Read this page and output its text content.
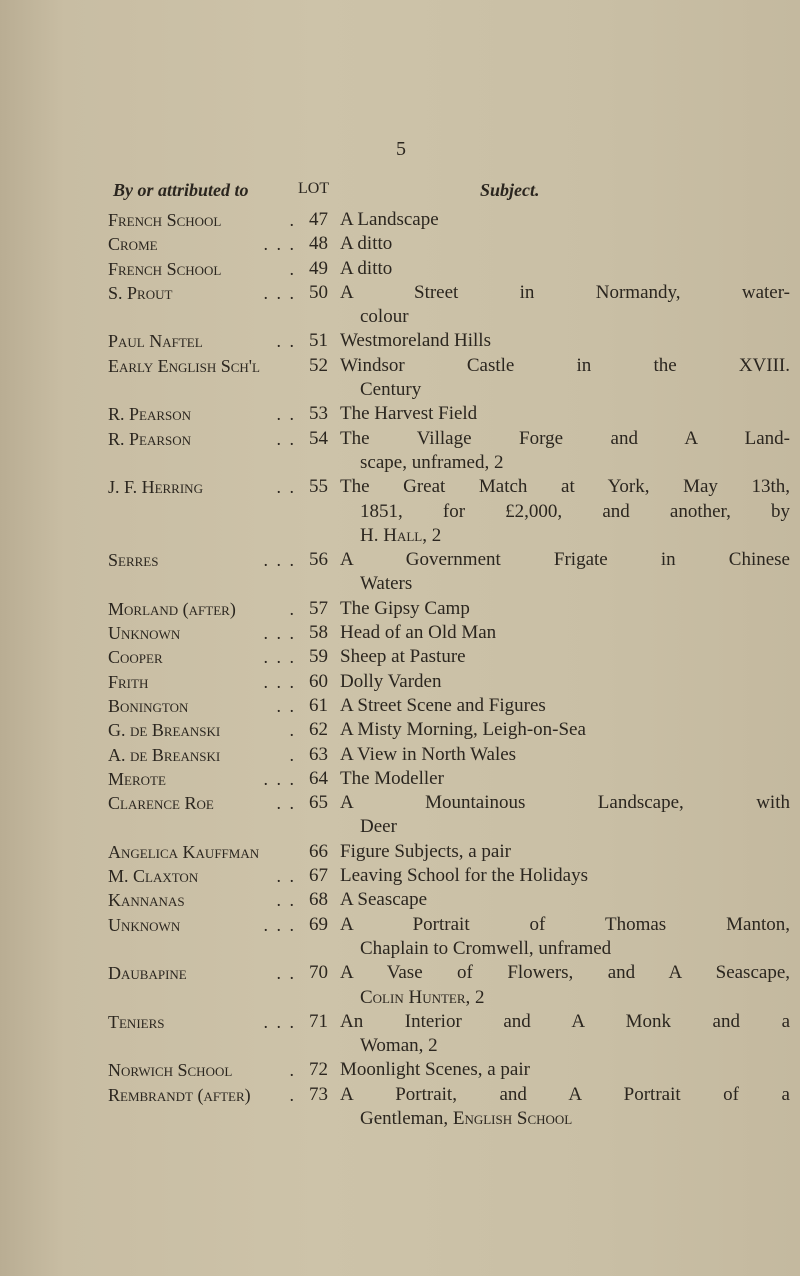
5
By or attributed to	LOT	Subject.
French School	. 47 A Landscape
Crome	. . . 48 A ditto
French School	. 49 A ditto
S. Prout	. . . 50 A Street in Normandy, water-
colour
Paul Naftel	. . 51 Westmoreland Hills
Early English Sch'l	52 Windsor Castle in the XVIII.
Century
R. Pearson	. . 53 The Harvest Field
R. Pearson	. . 54 The Village Forge and A Land-
scape, unframed, 2
J. F. Herring	. . 55 The Great Match at York, May 13th,
1851, for £2,000, and another, by
H. Hall, 2
Serres	. . . 56 A Government Frigate in Chinese
Waters
Morland (after)	. 57 The Gipsy Camp
Unknown	. . . 58 Head of an Old Man
Cooper	. . . 59 Sheep at Pasture
Frith	. . . 60 Dolly Varden
Bonington	. . 61 A Street Scene and Figures
G. de Breanski	. 62 A Misty Morning, Leigh-on-Sea
A. de Breanski	. 63 A View in North Wales
Merote	. . . 64 The Modeller
Clarence Roe	. . 65 A Mountainous Landscape, with
Deer
Angelica Kauffman	66 Figure Subjects, a pair
M. Claxton	. . 67 Leaving School for the Holidays
Kannanas	. . 68 A Seascape
Unknown	. . . 69 A Portrait of Thomas Manton,
Chaplain to Cromwell, unframed
Daubapine	. . 70 A Vase of Flowers, and A Seascape,
Colin Hunter, 2
Teniers	. . . 71 An Interior and A Monk and a
Woman, 2
Norwich School	. 72 Moonlight Scenes, a pair
Rembrandt (after)	. 73 A Portrait, and A Portrait of a
Gentleman, English School
